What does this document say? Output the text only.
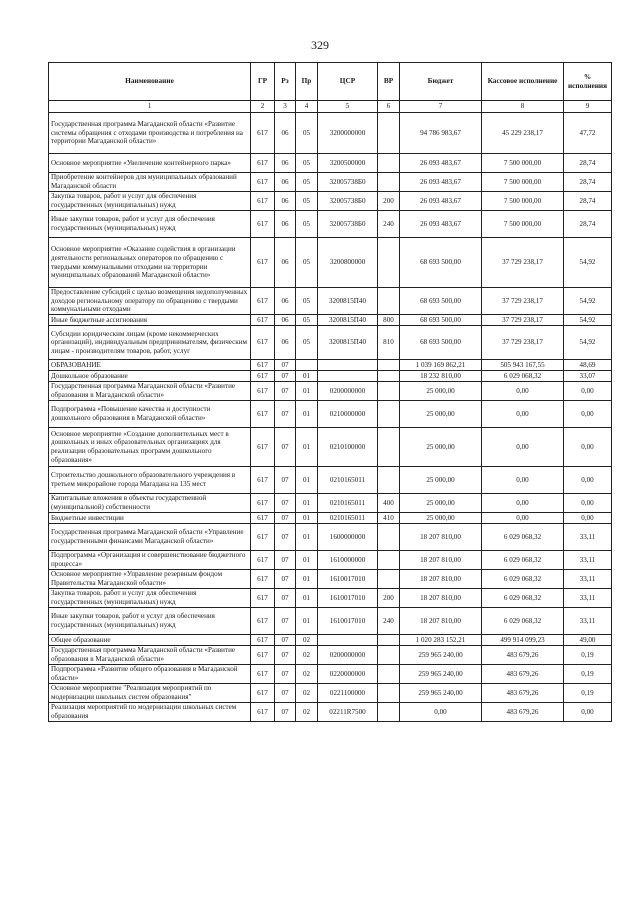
329
Наименование	ГР	Рз	Пр	ЦСР	ВР	Бюджет	Кассовое исполнение	% исполнения
1	2	3	4	5	6	7	8	9
Государственная программа Магаданской области «Развитие системы обращения с отходами производства и потребления на территории Магаданской области»	617	06	05	3200000000		94 786 983,67	45 229 238,17	47,72
Основное мероприятие «Увеличение контейнерного парка»	617	06	05	3200500000		26 093 483,67	7 500 000,00	28,74
Приобретение контейнеров для муниципальных образований Магаданской области	617	06	05	32005738Б0		26 093 483,67	7 500 000,00	28,74
Закупка товаров, работ и услуг для обеспечения государственных (муниципальных) нужд	617	06	05	32005738Б0	200	26 093 483,67	7 500 000,00	28,74
Иные закупки товаров, работ и услуг для обеспечения государственных (муниципальных) нужд	617	06	05	32005738Б0	240	26 093 483,67	7 500 000,00	28,74
Основное мероприятие «Оказание содействия в организации деятельности региональных операторов по обращению с твердыми коммунальными отходами на территории муниципальных образований Магаданской области»	617	06	05	3200800000		68 693 500,00	37 729 238,17	54,92
Предоставление субсидий с целью возмещения недополученных доходов региональному оператору по обращению с твердыми коммунальными отходами	617	06	05	3200815П40		68 693 500,00	37 729 238,17	54,92
Иные бюджетные ассигнования	617	06	05	3200815П40	800	68 693 500,00	37 729 238,17	54,92
Субсидии юридическим лицам (кроме некоммерческих организаций), индивидуальным предпринимателям, физическим лицам - производителям товаров, работ, услуг	617	06	05	3200815П40	810	68 693 500,00	37 729 238,17	54,92
ОБРАЗОВАНИЕ	617	07				1 039 169 862,21	505 943 167,55	48,69
Дошкольное образование	617	07	01			18 232 810,00	6 029 068,32	33,07
Государственная программа Магаданской области «Развитие образования в Магаданской области»	617	07	01	0200000000		25 000,00	0,00	0,00
Подпрограмма «Повышение качества и доступности дошкольного образования в Магаданской области»	617	07	01	0210000000		25 000,00	0,00	0,00
Основное мероприятие «Создание дополнительных мест в дошкольных и иных образовательных организациях для реализации образовательных программ дошкольного образования»	617	07	01	0210100000		25 000,00	0,00	0,00
Строительство дошкольного образовательного учреждения в третьем микрорайоне города Магадана на 135 мест	617	07	01	0210165011		25 000,00	0,00	0,00
Капитальные вложения в объекты государственной (муниципальной) собственности	617	07	01	0210165011	400	25 000,00	0,00	0,00
Бюджетные инвестиции	617	07	01	0210165011	410	25 000,00	0,00	0,00
Государственная программа Магаданской области «Управление государственными финансами Магаданской области»	617	07	01	1600000000		18 207 810,00	6 029 068,32	33,11
Подпрограмма «Организация и совершенствование бюджетного процесса»	617	07	01	1610000000		18 207 810,00	6 029 068,32	33,11
Основное мероприятие «Управление резервным фондом Правительства Магаданской области»	617	07	01	1610017010		18 207 810,00	6 029 068,32	33,11
Закупка товаров, работ и услуг для обеспечения государственных (муниципальных) нужд	617	07	01	1610017010	200	18 207 810,00	6 029 068,32	33,11
Иные закупки товаров, работ и услуг для обеспечения государственных (муниципальных) нужд	617	07	01	1610017010	240	18 207 810,00	6 029 068,32	33,11
Общее образование	617	07	02			1 020 283 152,21	499 914 099,23	49,00
Государственная программа Магаданской области «Развитие образования в Магаданской области»	617	07	02	0200000000		259 965 240,00	483 679,26	0,19
Подпрограмма «Развитие общего образования в Магаданской области»	617	07	02	0220000000		259 965 240,00	483 679,26	0,19
Основное мероприятие "Реализация мероприятий по модернизации школьных систем образования"	617	07	02	0221100000		259 965 240,00	483 679,26	0,19
Реализация мероприятий по модернизации школьных систем образования	617	07	02	02211R7500		0,00	483 679,26	0,00
